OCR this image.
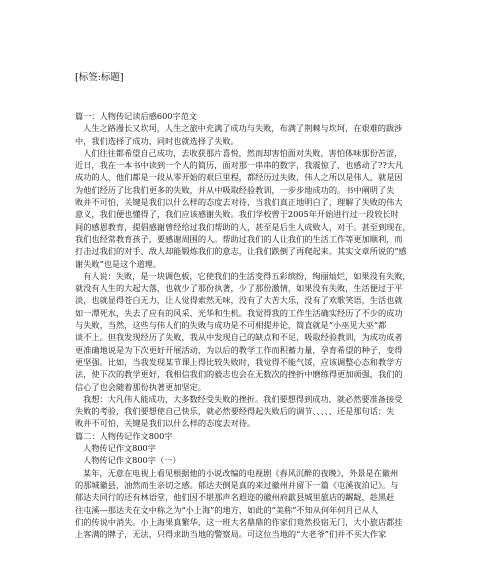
[标签:标题]
篇一：人物传记读后感600字范文
人生之路漫长又坎坷，人生之旅中充满了成功与失败，布满了荆棘与坎坷，在艰难的跋涉
中，我们选择了成功，同时也就选择了失败。
人们往往都希望自己成功，去收获那片喜悦，然而却害怕面对失败，害怕体味那份苦涩，
近日，我在一本书中读到一个人的简历，面对那一串串的数字，我震惊了，也感动了??大凡
成功的人，他们都是一段从零开始的艰巨里程，都经历过失败，伟人之所以是伟人，就是因
为他们经历了比我们更多的失败，并从中吸取经验教训，一步步地成功的。书中阐明了失
败并不可怕，关键是我们以什么样的态度去对待，当我们真正地明白了，理解了失败的伟大
意义，我们便也懂得了，我们应该感谢失败。我们学校曾于2005年开始进行过一段较长时
间的感恩教育，提倡感谢曾经给过我们帮助的人，甚至是后生人成败人，对于。甚至到现在，
我们也经常教育孩子，要感谢周围的人。帮助过我们的人让我们的生活工作等更加顺利，而
打击过我们的对手、敌人却能锻炼我们的意志，让我们跌倒了再爬起来。其实文章所说的“感
谢失败”也是这个道理。
有人说：失败，是一块调色板，它使我们的生活变得五彩缤纷，绚丽灿烂，如果没有失败，
就没有人生的大起大落，也就少了那份执著，少了那份激情，如果没有失败，生活便过于平
淡，也就显得苍白无力，让人觉得索然无味，没有了大苦大乐，没有了欢歌笑语，生活也就
如一潭死水，失去了应有的风采、光华和生机。我觉得我的工作生活确实经历了不少的成功
与失败，当然，这些与伟人们的失败与成功是不可相提并论，简直就是“小巫见大巫”都
谈不上。但我发现经历了失败，我从中发现自己的缺点和不足，吸取经验教训，为成功成者
更准确地说是为下次更好开展活动，为以后的教学工作而积蓄力量，孕育希望的种子，变得
更坚强。比如，当我发现某节课上得比较失败时，我觉得不能气馁，应该调整心态和教学方
法，使下次的教学更好，我相信我们的毅志也会在无数次的挫折中磨练得更加顽强，我们的
信心了也会随着那份执著更加坚定。
我想：大凡伟人能成功，大多数经受失败的挫折。我们要想得到成功，就必然要准备接受
失败的考验，我们要想使自己快乐，就必然要经得起失败后的调节、、、、、还是那句话：失
败并不可怕，关键是我们以什么样的态度去对待。
篇二：人物传记作文800字
人物传记作文800字
人物传记作文800字（一）
某年，无意在电视上看见根据他的小说改编的电视剧《春风沉醉的夜晚》，外景是在徽州
的那城徽县，油然而生亲切之感。郁达夫倒是真的来过徽州并留下一篇《屯溪夜泊记》。与
郁达夫同行的还有林语堂，他们因不堪那声名遐迩的徽州府歙县城里旅店的龌龊，趁黑赶
往屯溪—那达夫在文中称之为“小上海”的地方，如此的“美称”不知从何年何月已从人
们的传说中消失。小上海果真繁华，这一班大名鼎鼎的作家们竟然投宿无门，大小旅店都挂
上客满的牌子，无法，只得求助当地的警察局。可这位当地的“大老爷”们并不买大作家
